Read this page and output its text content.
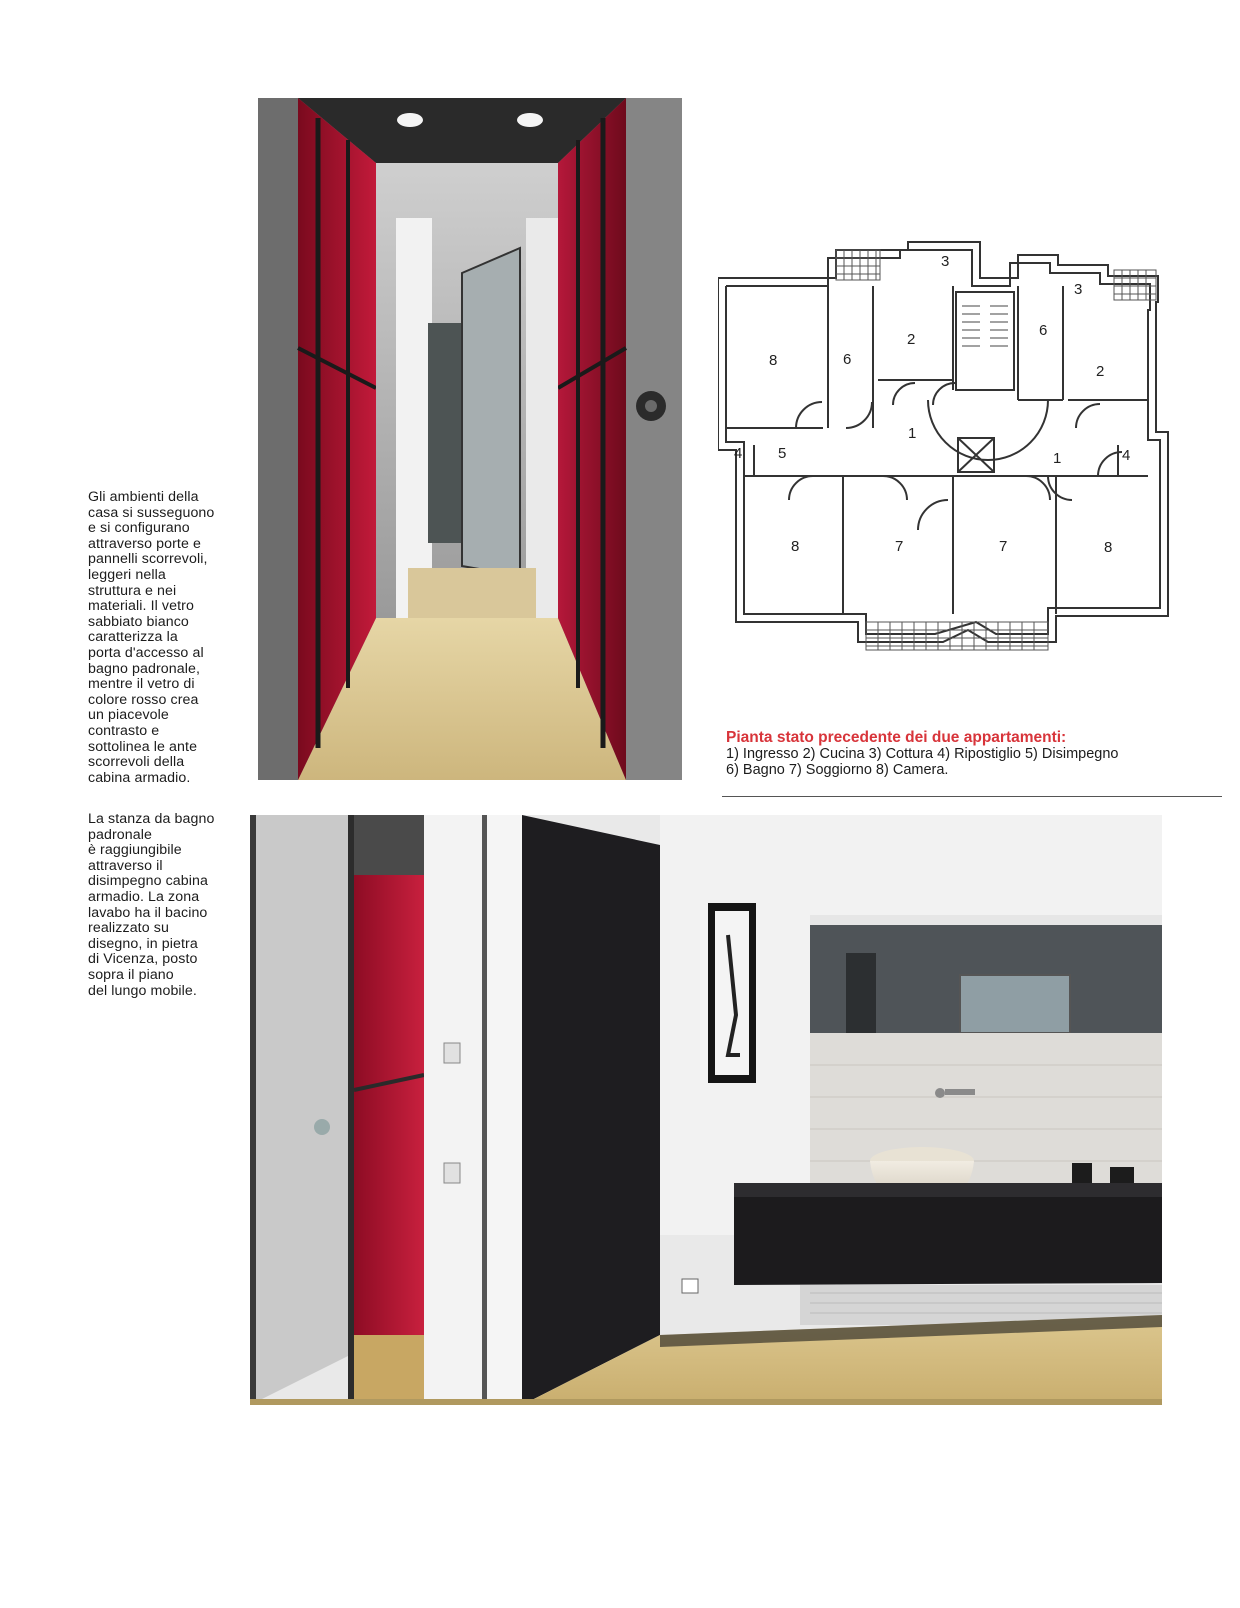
Gli ambienti della
casa si susseguono
e si configurano
attraverso porte e
pannelli scorrevoli,
leggeri nella
struttura e nei
materiali. Il vetro
sabbiato bianco
caratterizza la
porta d'accesso al
bagno padronale,
mentre il vetro di
colore rosso crea
un piacevole
contrasto e
sottolinea le ante
scorrevoli della
cabina armadio.
La stanza da bagno
padronale
è raggiungibile
attraverso il
disimpegno cabina
armadio. La zona
lavabo ha il bacino
realizzato su
disegno, in pietra
di Vicenza, posto
sopra il piano
del lungo mobile.
3
3
8	6
2
6
2
1
1
4 5	4
8	7	7	8
Pianta stato precedente dei due appartamenti:
1) Ingresso 2) Cucina 3) Cottura 4) Ripostiglio 5) Disimpegno
6) Bagno 7) Soggiorno 8) Camera.
